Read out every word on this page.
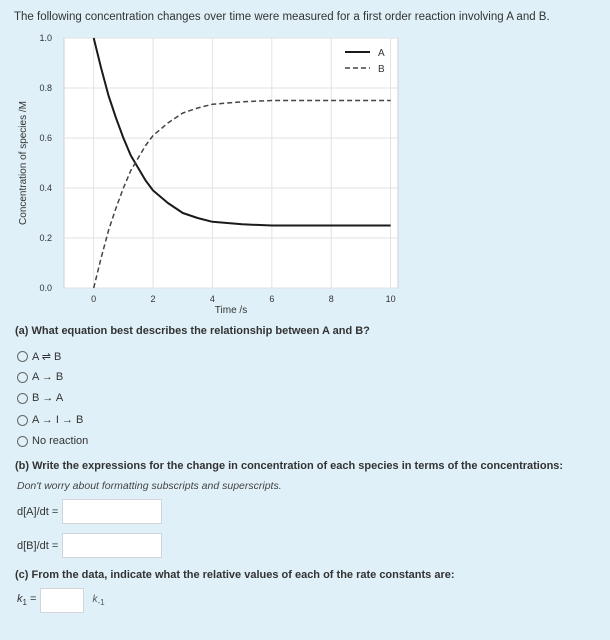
The following concentration changes over time were measured for a first order reaction involving A and B.
0	2	4	6	8	10
0.0
0.2
0.4
0.6
0.8
1.0
A
B
Time /s
Concentration of species /M
(a) What equation best describes the relationship between A and B?
A ⇌ B
A → B
B → A
A → I → B
No reaction
(b) Write the expressions for the change in concentration of each species in terms of the concentrations:
Don't worry about formatting subscripts and superscripts.
d[A]/dt =
d[B]/dt =
(c) From the data, indicate what the relative values of each of the rate constants are:
$k_1$ =	$k_{-1}$
